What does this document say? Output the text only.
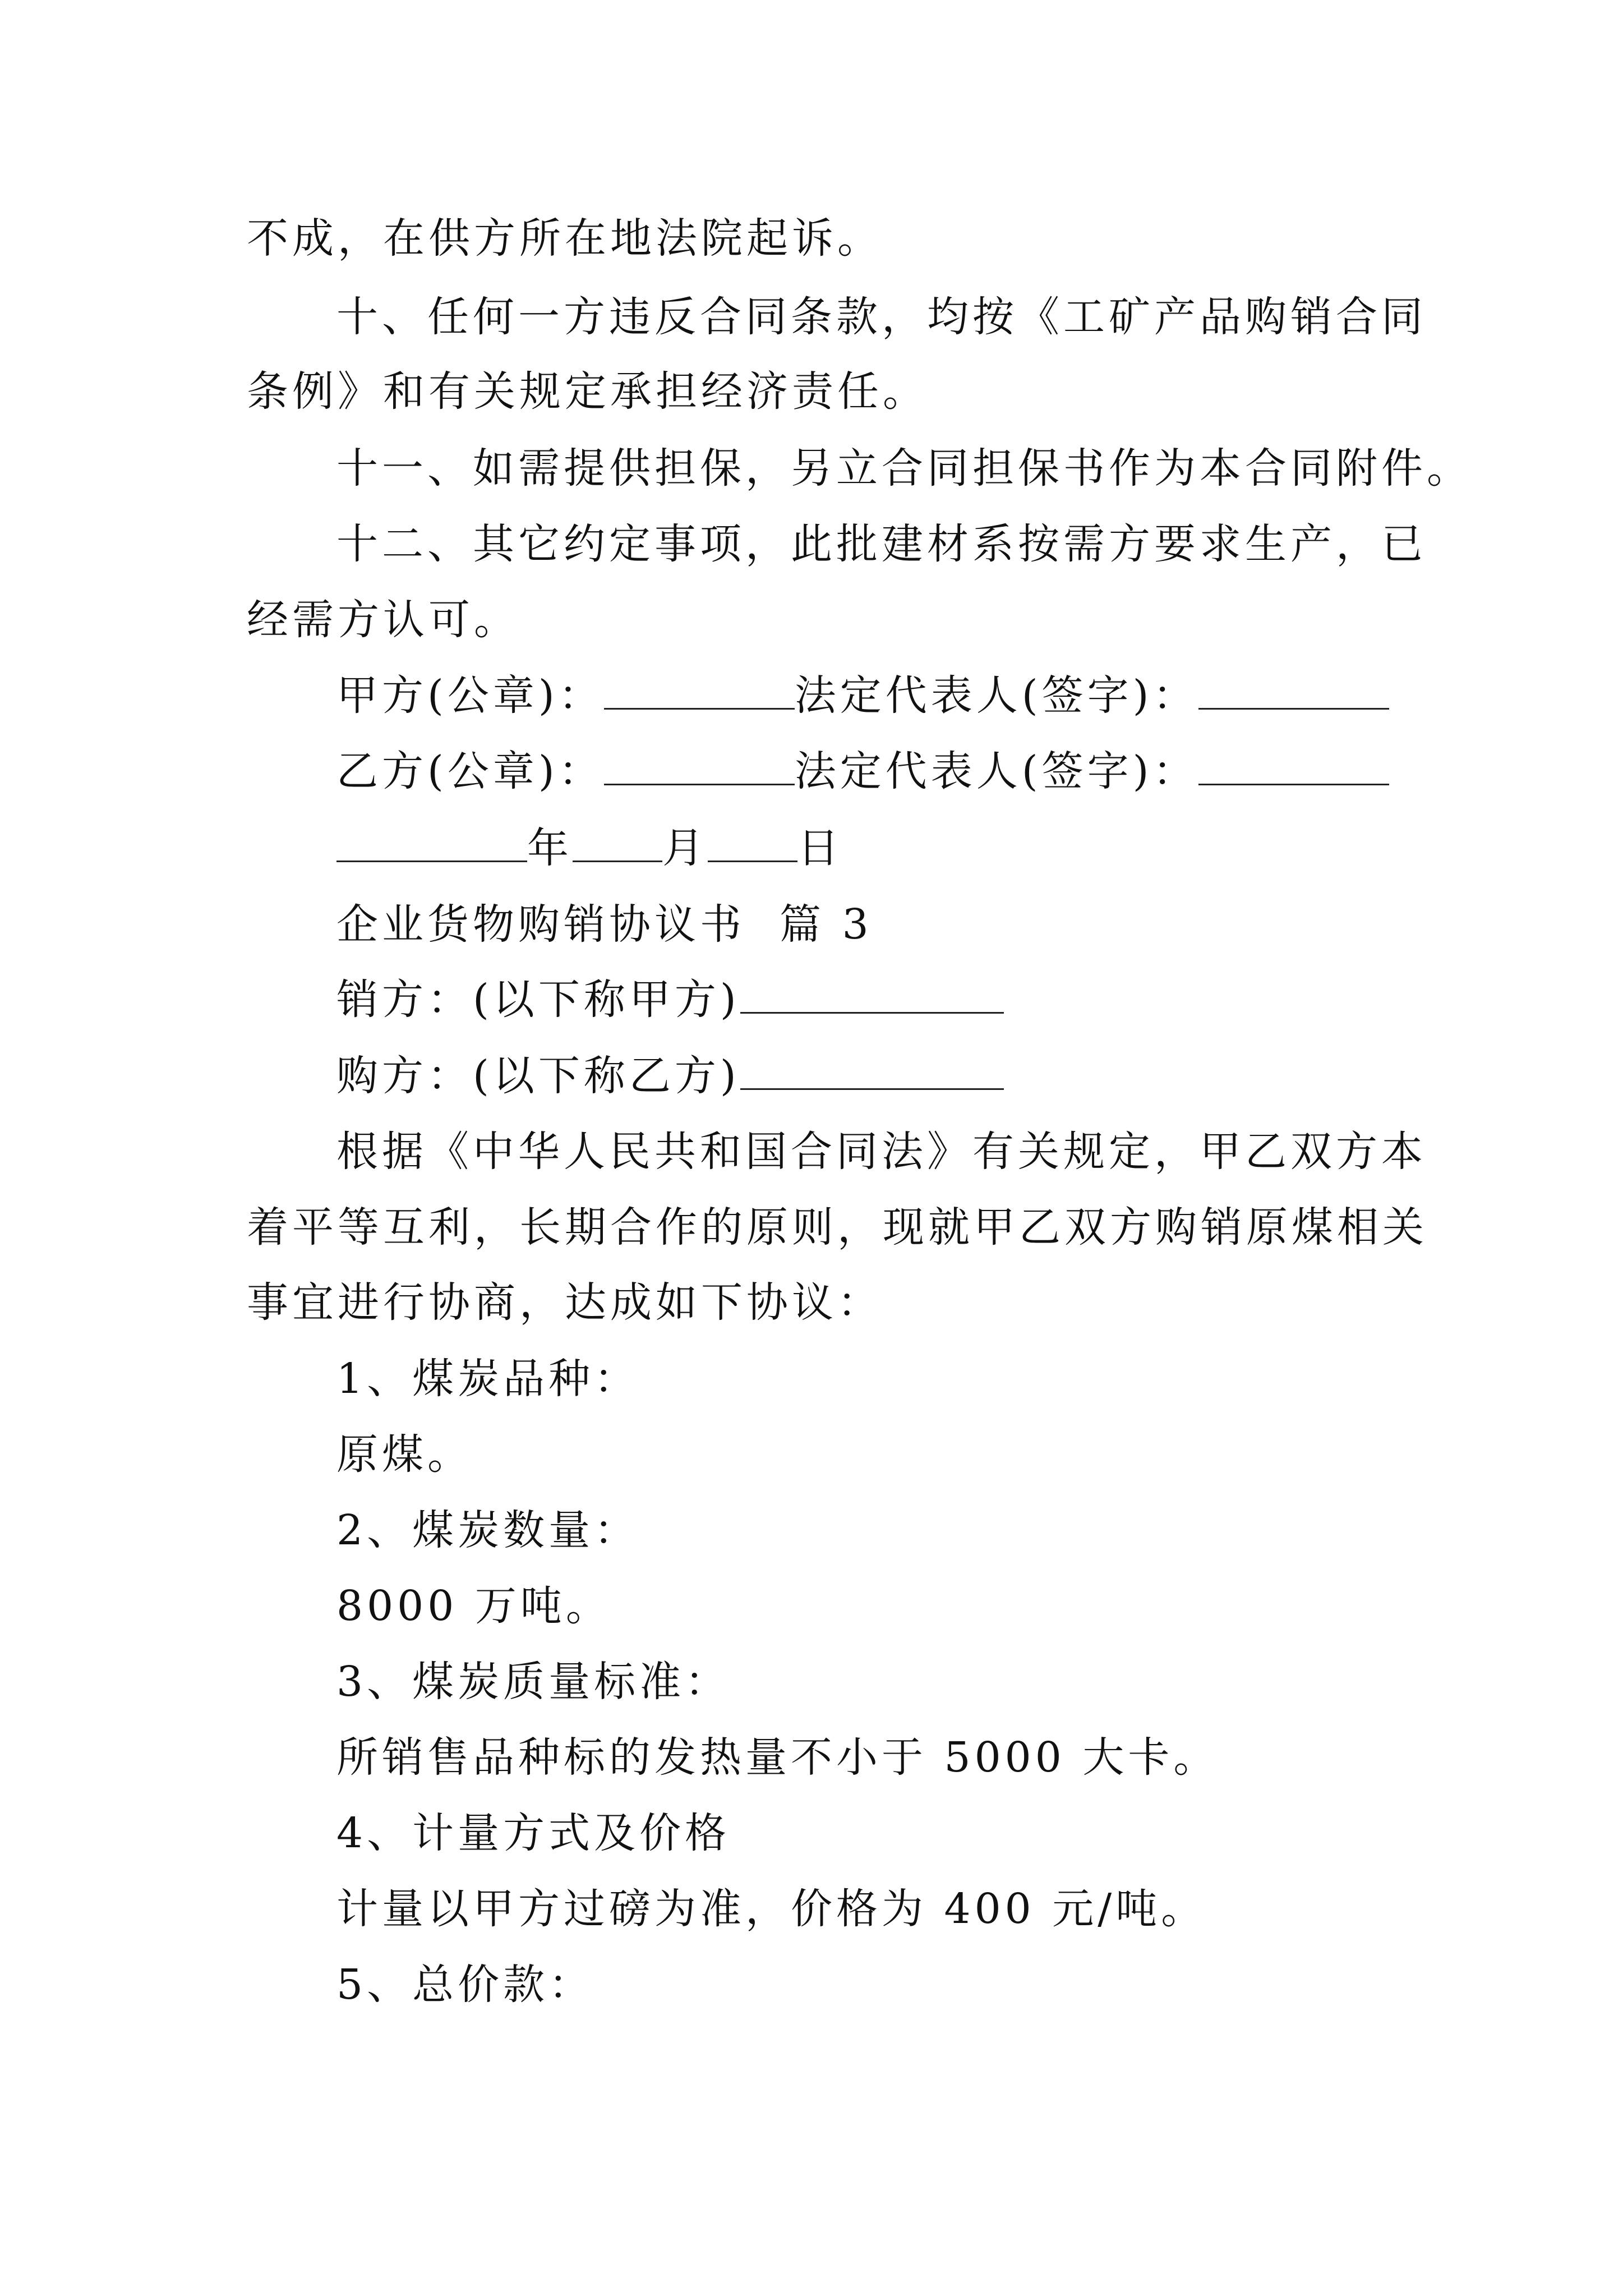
不成，在供方所在地法院起诉。
十、任何一方违反合同条款，均按《工矿产品购销合同
条例》和有关规定承担经济责任。
十一、如需提供担保，另立合同担保书作为本合同附件。
十二、其它约定事项，此批建材系按需方要求生产，已
经需方认可。
甲方(公章)：	法定代表人(签字)：
乙方(公章)：	法定代表人(签字)：
年 月 日
企业货物购销协议书  篇 3
销方：(以下称甲方)
购方：(以下称乙方)
根据《中华人民共和国合同法》有关规定，甲乙双方本
着平等互利，长期合作的原则，现就甲乙双方购销原煤相关
事宜进行协商，达成如下协议：
1、煤炭品种：
原煤。
2、煤炭数量：
8000 万吨。
3、煤炭质量标准：
所销售品种标的发热量不小于 5000 大卡。
4、计量方式及价格
计量以甲方过磅为准，价格为 400 元/吨。
5、总价款：
